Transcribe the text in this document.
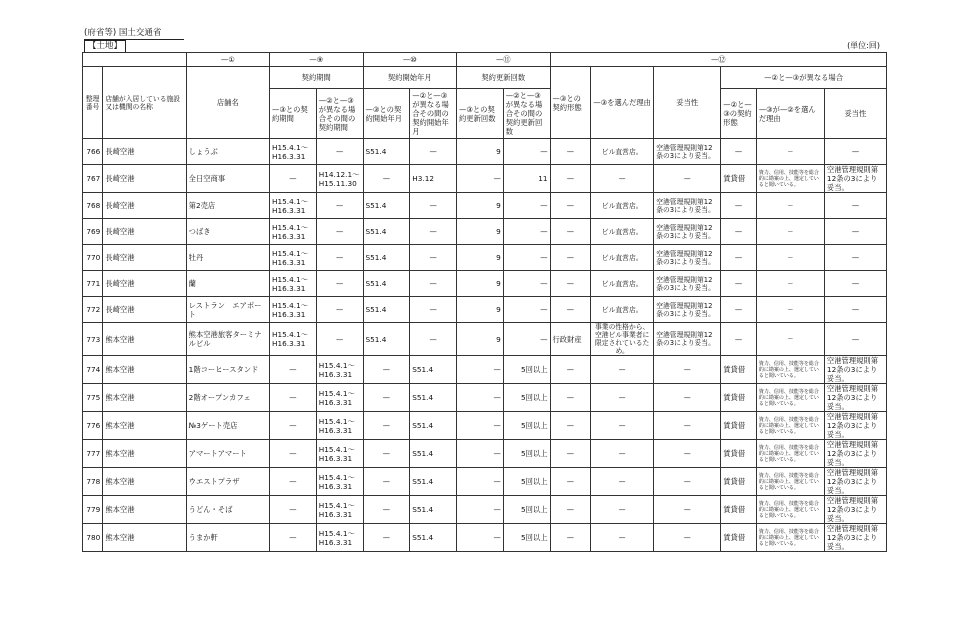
(府省等) 国土交通省
【土地】	(単位:回)
		—①	—⑨		—⑩		—⑪		—⑫					
整理番号	店舗が入居している施設又は機関の名称	店舗名	契約期間		契約開始年月		契約更新回数		—③との契約形態	—③を選んだ理由	妥当性	—②と—③が異なる場合		
			—③との契約期間	—②と—③が異なる場合その間の契約期間	—③との契約開始年月	—②と—③が異なる場合その間の契約開始年月	—③との契約更新回数	—②と—③が異なる場合その間の契約更新回数				—②と—③の契約形態	—③が—②を選んだ理由	妥当性
766	長崎空港	しょうぶ	H15.4.1～H16.3.31	—	S51.4	—	9	—	—	ビル直営店。	空港管理規則第12条の3により妥当。	—	—	—
767	長崎空港	全日空商事	—	H14.12.1～H15.11.30	—	H3.12	—	11	—	—	—	賃貸借	資力、信用、技能等を総合的に勘案の上、選定していると聞いている。	空港管理規則第12条の3により妥当。
768	長崎空港	第2売店	H15.4.1～H16.3.31	—	S51.4	—	9	—	—	ビル直営店。	空港管理規則第12条の3により妥当。	—	—	—
769	長崎空港	つばき	H15.4.1～H16.3.31	—	S51.4	—	9	—	—	ビル直営店。	空港管理規則第12条の3により妥当。	—	—	—
770	長崎空港	牡丹	H15.4.1～H16.3.31	—	S51.4	—	9	—	—	ビル直営店。	空港管理規則第12条の3により妥当。	—	—	—
771	長崎空港	蘭	H15.4.1～H16.3.31	—	S51.4	—	9	—	—	ビル直営店。	空港管理規則第12条の3により妥当。	—	—	—
772	長崎空港	レストラン　エアポート	H15.4.1～H16.3.31	—	S51.4	—	9	—	—	ビル直営店。	空港管理規則第12条の3により妥当。	—	—	—
773	熊本空港	熊本空港旅客ターミナルビル	H15.4.1～H16.3.31	—	S51.4	—	9	—	行政財産	事業の性格から、空港ビル事業者に限定されているため。	空港管理規則第12条の3により妥当。	—	—	—
774	熊本空港	1階コーヒースタンド	—	H15.4.1～H16.3.31	—	S51.4	—	5回以上	—	—	—	賃貸借	資力、信用、技能等を総合的に勘案の上、選定していると聞いている。	空港管理規則第12条の3により妥当。
775	熊本空港	2階オープンカフェ	—	H15.4.1～H16.3.31	—	S51.4	—	5回以上	—	—	—	賃貸借	資力、信用、技能等を総合的に勘案の上、選定していると聞いている。	空港管理規則第12条の3により妥当。
776	熊本空港	№3ゲート売店	—	H15.4.1～H16.3.31	—	S51.4	—	5回以上	—	—	—	賃貸借	資力、信用、技能等を総合的に勘案の上、選定していると聞いている。	空港管理規則第12条の3により妥当。
777	熊本空港	アマートアマート	—	H15.4.1～H16.3.31	—	S51.4	—	5回以上	—	—	—	賃貸借	資力、信用、技能等を総合的に勘案の上、選定していると聞いている。	空港管理規則第12条の3により妥当。
778	熊本空港	ウエストプラザ	—	H15.4.1～H16.3.31	—	S51.4	—	5回以上	—	—	—	賃貸借	資力、信用、技能等を総合的に勘案の上、選定していると聞いている。	空港管理規則第12条の3により妥当。
779	熊本空港	うどん・そば	—	H15.4.1～H16.3.31	—	S51.4	—	5回以上	—	—	—	賃貸借	資力、信用、技能等を総合的に勘案の上、選定していると聞いている。	空港管理規則第12条の3により妥当。
780	熊本空港	うまか軒	—	H15.4.1～H16.3.31	—	S51.4	—	5回以上	—	—	—	賃貸借	資力、信用、技能等を総合的に勘案の上、選定していると聞いている。	空港管理規則第12条の3により妥当。
